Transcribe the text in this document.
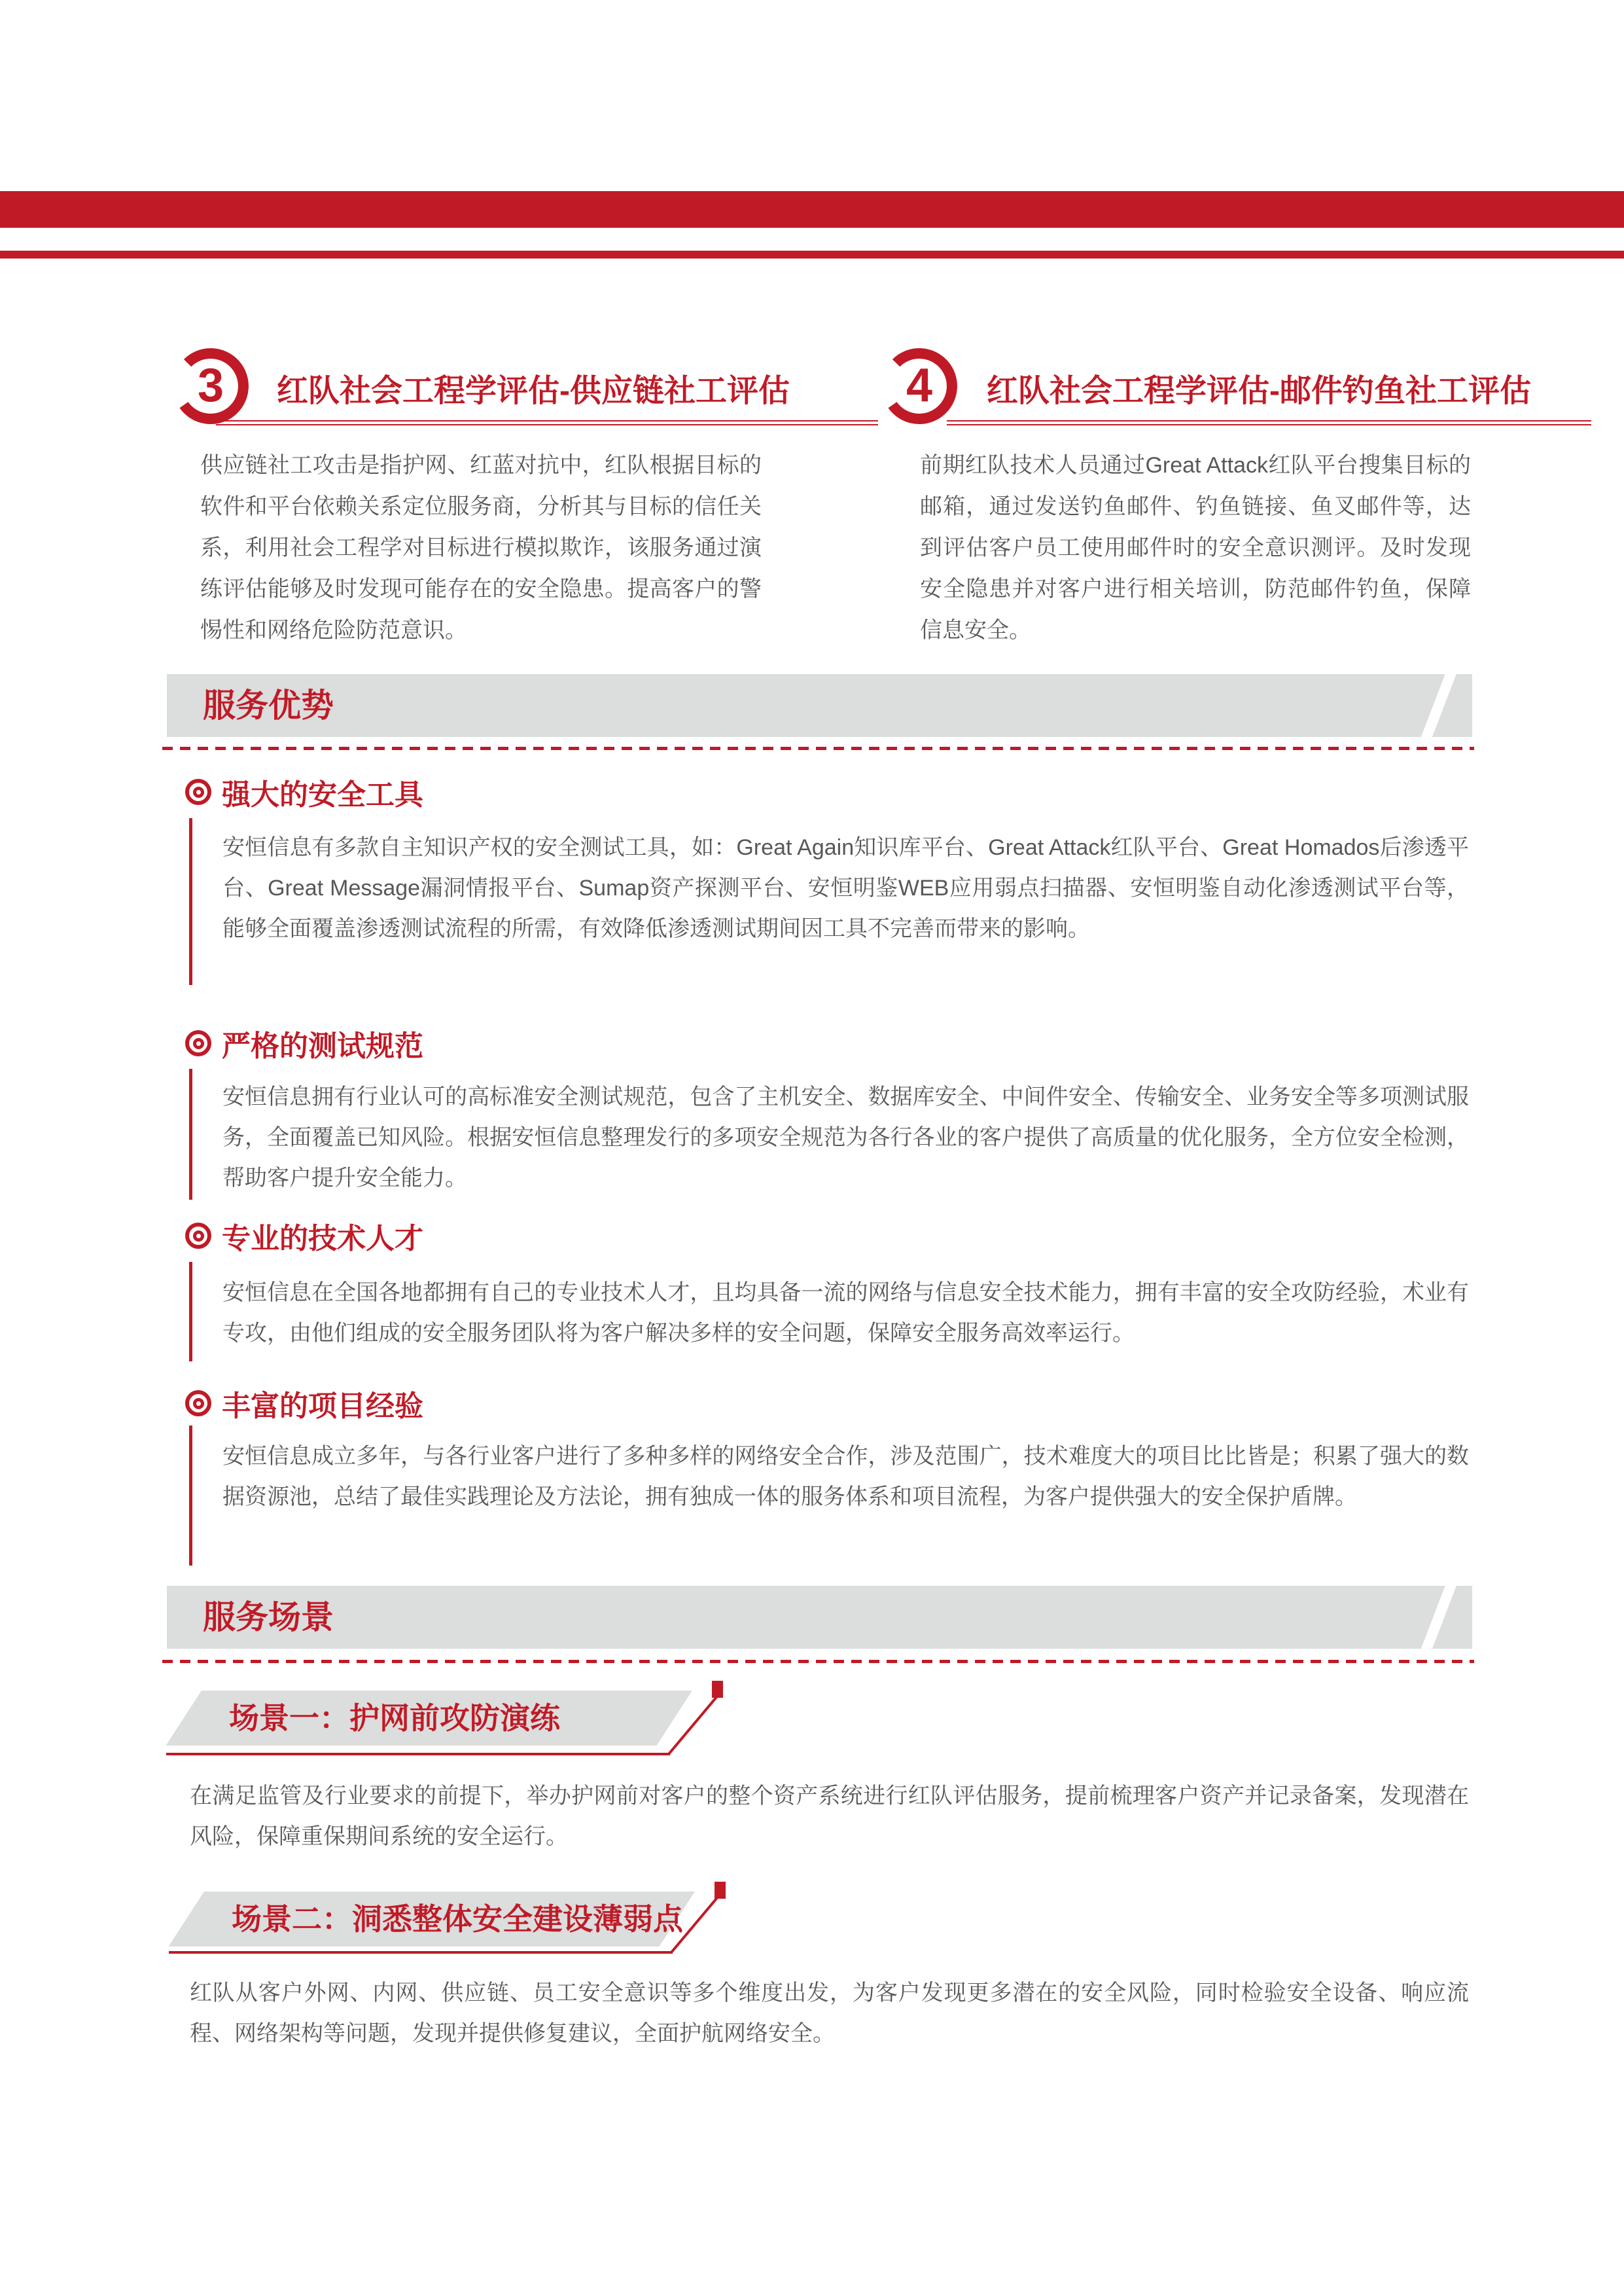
3	红队社会工程学评估-供应链社工评估
供应链社工攻击是指护网、红蓝对抗中，红队根据目标的软件和平台依赖关系定位服务商，分析其与目标的信任关系，利用社会工程学对目标进行模拟欺诈，该服务通过演练评估能够及时发现可能存在的安全隐患。提高客户的警惕性和网络危险防范意识。
4	红队社会工程学评估-邮件钓鱼社工评估
前期红队技术人员通过Great Attack红队平台搜集目标的邮箱，通过发送钓鱼邮件、钓鱼链接、鱼叉邮件等，达到评估客户员工使用邮件时的安全意识测评。及时发现安全隐患并对客户进行相关培训，防范邮件钓鱼，保障信息安全。
服务优势
强大的安全工具
安恒信息有多款自主知识产权的安全测试工具，如：Great Again知识库平台、Great Attack红队平台、Great Homados后渗透平台、Great Message漏洞情报平台、Sumap资产探测平台、安恒明鉴WEB应用弱点扫描器、安恒明鉴自动化渗透测试平台等，能够全面覆盖渗透测试流程的所需，有效降低渗透测试期间因工具不完善而带来的影响。
严格的测试规范
安恒信息拥有行业认可的高标准安全测试规范，包含了主机安全、数据库安全、中间件安全、传输安全、业务安全等多项测试服务，全面覆盖已知风险。根据安恒信息整理发行的多项安全规范为各行各业的客户提供了高质量的优化服务，全方位安全检测，帮助客户提升安全能力。
专业的技术人才
安恒信息在全国各地都拥有自己的专业技术人才，且均具备一流的网络与信息安全技术能力，拥有丰富的安全攻防经验，术业有专攻，由他们组成的安全服务团队将为客户解决多样的安全问题，保障安全服务高效率运行。
丰富的项目经验
安恒信息成立多年，与各行业客户进行了多种多样的网络安全合作，涉及范围广，技术难度大的项目比比皆是；积累了强大的数据资源池，总结了最佳实践理论及方法论，拥有独成一体的服务体系和项目流程，为客户提供强大的安全保护盾牌。
服务场景
场景一：护网前攻防演练
在满足监管及行业要求的前提下，举办护网前对客户的整个资产系统进行红队评估服务，提前梳理客户资产并记录备案，发现潜在风险，保障重保期间系统的安全运行。
场景二：洞悉整体安全建设薄弱点
红队从客户外网、内网、供应链、员工安全意识等多个维度出发，为客户发现更多潜在的安全风险，同时检验安全设备、响应流程、网络架构等问题，发现并提供修复建议，全面护航网络安全。
